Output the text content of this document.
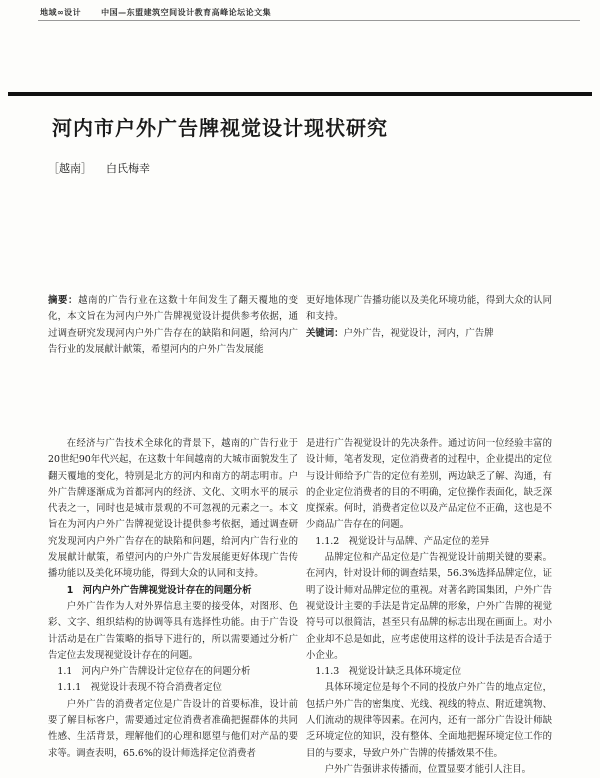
地域∞设计	中国—东盟建筑空间设计教育高峰论坛论文集
河内市户外广告牌视觉设计现状研究
［越南］ 白氏梅幸

摘要：越南的广告行业在这数十年间发生了翻天覆地的变化，本文旨在为河内户外广告牌视觉设计提供参考依据，通过调查研究发现河内户外广告存在的缺陷和问题，给河内广告行业的发展献计献策，希望河内的户外广告发展能

更好地体现广告播功能以及美化环境功能，得到大众的认同和支持。

关键词：户外广告，视觉设计，河内，广告牌

在经济与广告技术全球化的背景下，越南的广告行业于20世纪90年代兴起，在这数十年间越南的大城市面貌发生了翻天覆地的变化，特别是北方的河内和南方的胡志明市。户外广告牌逐渐成为首都河内的经济、文化、文明水平的展示代表之一，同时也是城市景观的不可忽视的元素之一。本文旨在为河内户外广告牌视觉设计提供参考依据，通过调查研究发现河内户外广告存在的缺陷和问题，给河内广告行业的发展献计献策，希望河内的户外广告发展能更好体现广告传播功能以及美化环境功能，得到大众的认同和支持。

1　河内户外广告牌视觉设计存在的问题分析

户外广告作为人对外界信息主要的接受体，对图形、色彩、文字、组织结构的协调等具有选择性功能。由于广告设计活动是在广告策略的指导下进行的，所以需要通过分析广告定位去发现视觉设计存在的问题。

1.1　河内户外广告牌设计定位存在的问题分析

1.1.1　视觉设计表现不符合消费者定位

户外广告的消费者定位是广告设计的首要标准，设计前要了解目标客户，需要通过定位消费者准确把握群体的共同性感、生活背景，理解他们的心理和愿望与他们对产品的要求等。调查表明，65.6%的设计师选择定位消费者

是进行广告视觉设计的先决条件。通过访问一位经验丰富的设计师，笔者发现，定位消费者的过程中，企业提出的定位与设计师给予广告的定位有差别，两边缺乏了解、沟通，有的企业定位消费者的目的不明确，定位操作表面化，缺乏深度探索。何时，消费者定位以及产品定位不正确，这也是不少商品广告存在的问题。

1.1.2　视觉设计与品牌、产品定位的差异

品牌定位和产品定位是广告视觉设计前期关键的要素。在河内，针对设计师的调查结果，56.3%选择品牌定位，证明了设计师对品牌定位的重视。对著名跨国集团，户外广告视觉设计主要的手法是肯定品牌的形象，户外广告牌的视觉符号可以很简洁，甚至只有品牌的标志出现在画面上。对小企业却不总是如此，应考虑使用这样的设计手法是否合适于小企业。

1.1.3　视觉设计缺乏具体环境定位

具体环境定位是每个不同的投放户外广告的地点定位，包括户外广告的密集度、光线、视线的特点、附近建筑物、人们流动的规律等因素。在河内，还有一部分广告设计师缺乏环境定位的知识，没有整体、全面地把握环境定位工作的目的与要求，导致户外广告牌的传播效果不佳。

户外广告强讲求传播而，位置显要才能引人注目。
